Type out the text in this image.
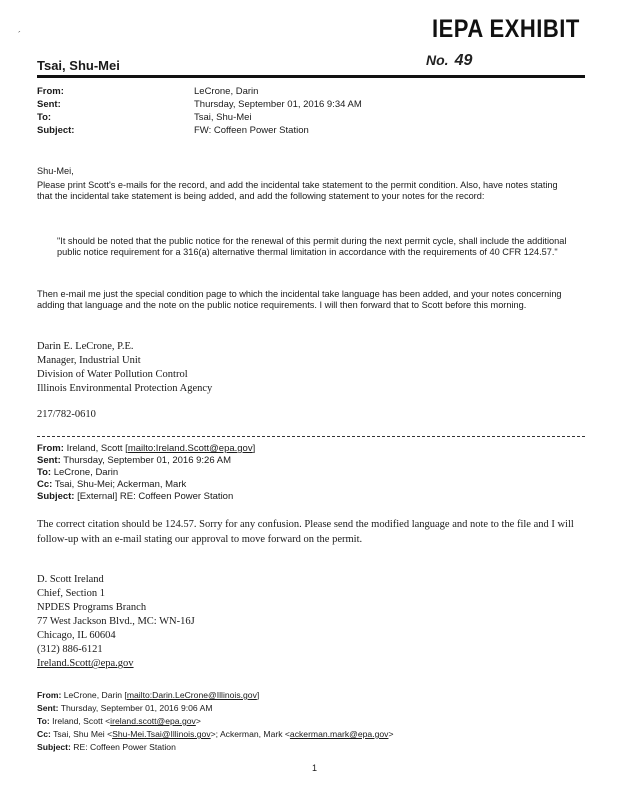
´	IEPA EXHIBIT
No. 49
Tsai, Shu-Mei
From:	LeCrone, Darin
Sent:	Thursday, September 01, 2016 9:34 AM
To:	Tsai, Shu-Mei
Subject:	FW: Coffeen Power Station
Shu-Mei,
Please print Scott's e-mails for the record, and add the incidental take statement to the permit condition. Also, have notes stating that the incidental take statement is being added, and add the following statement to your notes for the record:
"It should be noted that the public notice for the renewal of this permit during the next permit cycle, shall include the additional public notice requirement for a 316(a) alternative thermal limitation in accordance with the requirements of 40 CFR 124.57."
Then e-mail me just the special condition page to which the incidental take language has been added, and your notes concerning adding that language and the note on the public notice requirements. I will then forward that to Scott before this morning.
Darin E. LeCrone, P.E.
Manager, Industrial Unit
Division of Water Pollution Control
Illinois Environmental Protection Agency
217/782-0610
From: Ireland, Scott [mailto:Ireland.Scott@epa.gov]
Sent: Thursday, September 01, 2016 9:26 AM
To: LeCrone, Darin
Cc: Tsai, Shu-Mei; Ackerman, Mark
Subject: [External] RE: Coffeen Power Station
The correct citation should be 124.57. Sorry for any confusion. Please send the modified language and note to the file and I will follow-up with an e-mail stating our approval to move forward on the permit.
D. Scott Ireland
Chief, Section 1
NPDES Programs Branch
77 West Jackson Blvd., MC: WN-16J
Chicago, IL 60604
(312) 886-6121
Ireland.Scott@epa.gov
From: LeCrone, Darin [mailto:Darin.LeCrone@Illinois.gov]
Sent: Thursday, September 01, 2016 9:06 AM
To: Ireland, Scott <ireland.scott@epa.gov>
Cc: Tsai, Shu Mei <Shu-Mei.Tsai@Illinois.gov>; Ackerman, Mark <ackerman.mark@epa.gov>
Subject: RE: Coffeen Power Station
1
